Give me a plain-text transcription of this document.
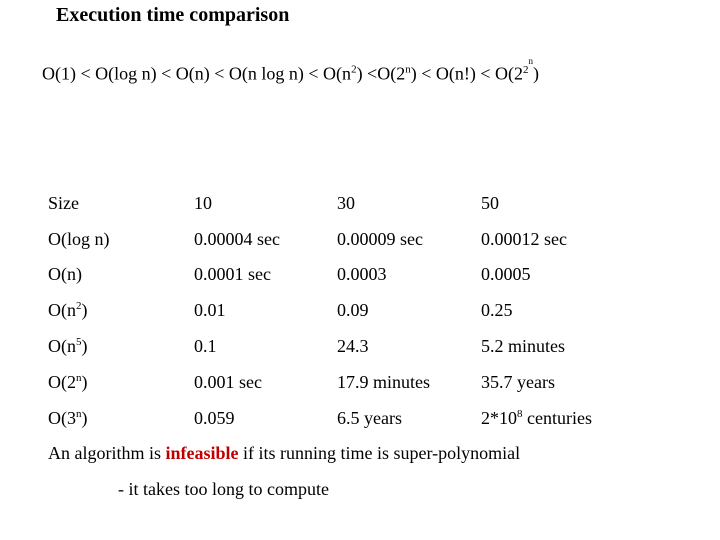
Execution time comparison
O(1) < O(log n) < O(n) < O(n $\log n) < O(n^2) <O(2^n) < O(n!) < O(2^{2^n})$
Size	10	30	50
O(log n)	0.00004 sec	0.00009 sec	0.00012 sec
O(n)	0.0001 sec	0.0003	0.0005
$O(n^2)$	0.01	0.09	0.25
$O(n^5)$	0.1	24.3	5.2 minutes
O(2$^n$)	0.001 sec	17.9 minutes	35.7 years
O(3$^n$)	0.059	6.5 years	$2*10^8$ centuries
An algorithm is infeasible if its running time is super-polynomial
- it takes too long to compute
